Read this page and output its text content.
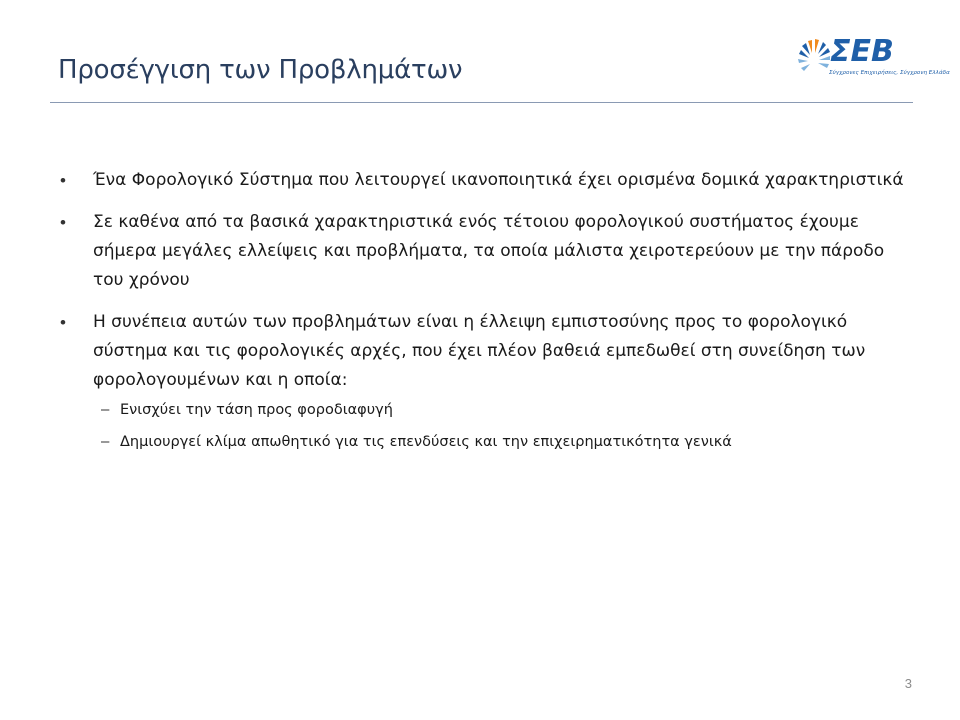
Προσέγγιση των Προβλημάτων
ΣΕΒ
Σύγχρονες Επιχειρήσεις, Σύγχρονη Ελλάδα
• Ένα Φορολογικό Σύστημα που λειτουργεί ικανοποιητικά έχει ορισμένα δομικά χαρακτηριστικά
• Σε καθένα από τα βασικά χαρακτηριστικά ενός τέτοιου φορολογικού συστήματος έχουμε σήμερα μεγάλες ελλείψεις και προβλήματα, τα οποία μάλιστα χειροτερεύουν με την πάροδο του χρόνου
• Η συνέπεια αυτών των προβλημάτων είναι η έλλειψη εμπιστοσύνης προς το φορολογικό σύστημα και τις φορολογικές αρχές, που έχει πλέον βαθειά εμπεδωθεί στη συνείδηση των φορολογουμένων και η οποία:
– Ενισχύει την τάση προς φοροδιαφυγή
– Δημιουργεί κλίμα απωθητικό για τις επενδύσεις και την επιχειρηματικότητα γενικά
3
